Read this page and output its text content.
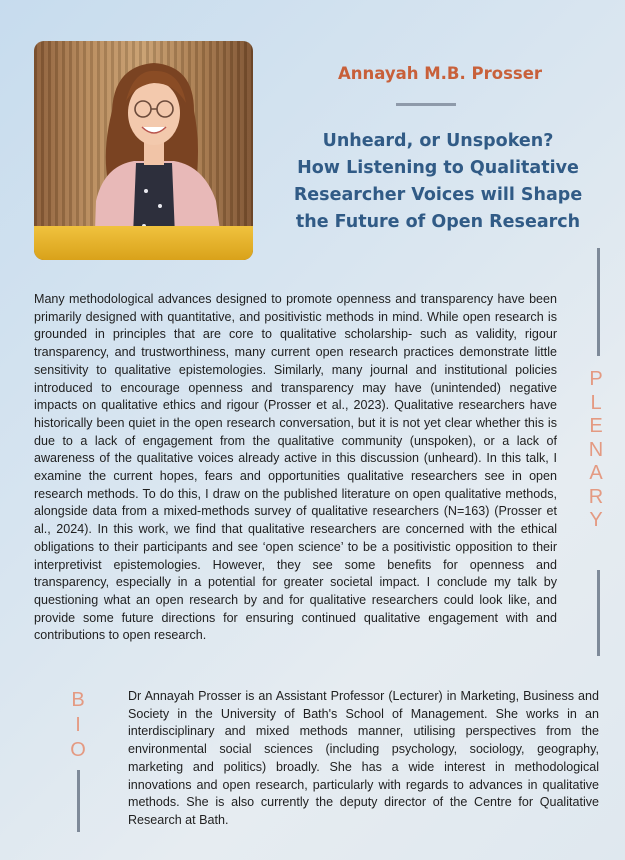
Annayah M.B. Prosser
Unheard, or Unspoken?
How Listening to Qualitative
Researcher Voices will Shape
the Future of Open Research
P
L
E
N
A
R
Y

Many methodological advances designed to promote openness and transparency have been primarily designed with quantitative, and positivistic methods in mind. While open research is grounded in principles that are core to qualitative scholarship- such as validity, rigour transparency, and trustworthiness, many current open research practices demonstrate little sensitivity to qualitative epistemologies. Similarly, many journal and institutional policies introduced to encourage openness and transparency may have (unintended) negative impacts on qualitative ethics and rigour (Prosser et al., 2023). Qualitative researchers have historically been quiet in the open research conversation, but it is not yet clear whether this is due to a lack of engagement from the qualitative community (unspoken), or a lack of awareness of the qualitative voices already active in this discussion (unheard). In this talk, I examine the current hopes, fears and opportunities qualitative researchers see in open research methods. To do this, I draw on the published literature on open qualitative methods, alongside data from a mixed-methods survey of qualitative researchers (N=163) (Prosser et al., 2024). In this work, we find that qualitative researchers are concerned with the ethical obligations to their participants and see ‘open science’ to be a positivistic opposition to their interpretivist epistemologies. However, they see some benefits for openness and transparency, especially in a potential for greater societal impact. I conclude my talk by questioning what an open research by and for qualitative researchers could look like, and provide some future directions for ensuring continued qualitative engagement with and contributions to open research.

B
I
O

Dr Annayah Prosser is an Assistant Professor (Lecturer) in Marketing, Business and Society in the University of Bath's School of Management. She works in an interdisciplinary and mixed methods manner, utilising perspectives from the environmental social sciences (including psychology, sociology, geography, marketing and politics) broadly. She has a wide interest in methodological innovations and open research, particularly with regards to advances in qualitative methods. She is also currently the deputy director of the Centre for Qualitative Research at Bath.
